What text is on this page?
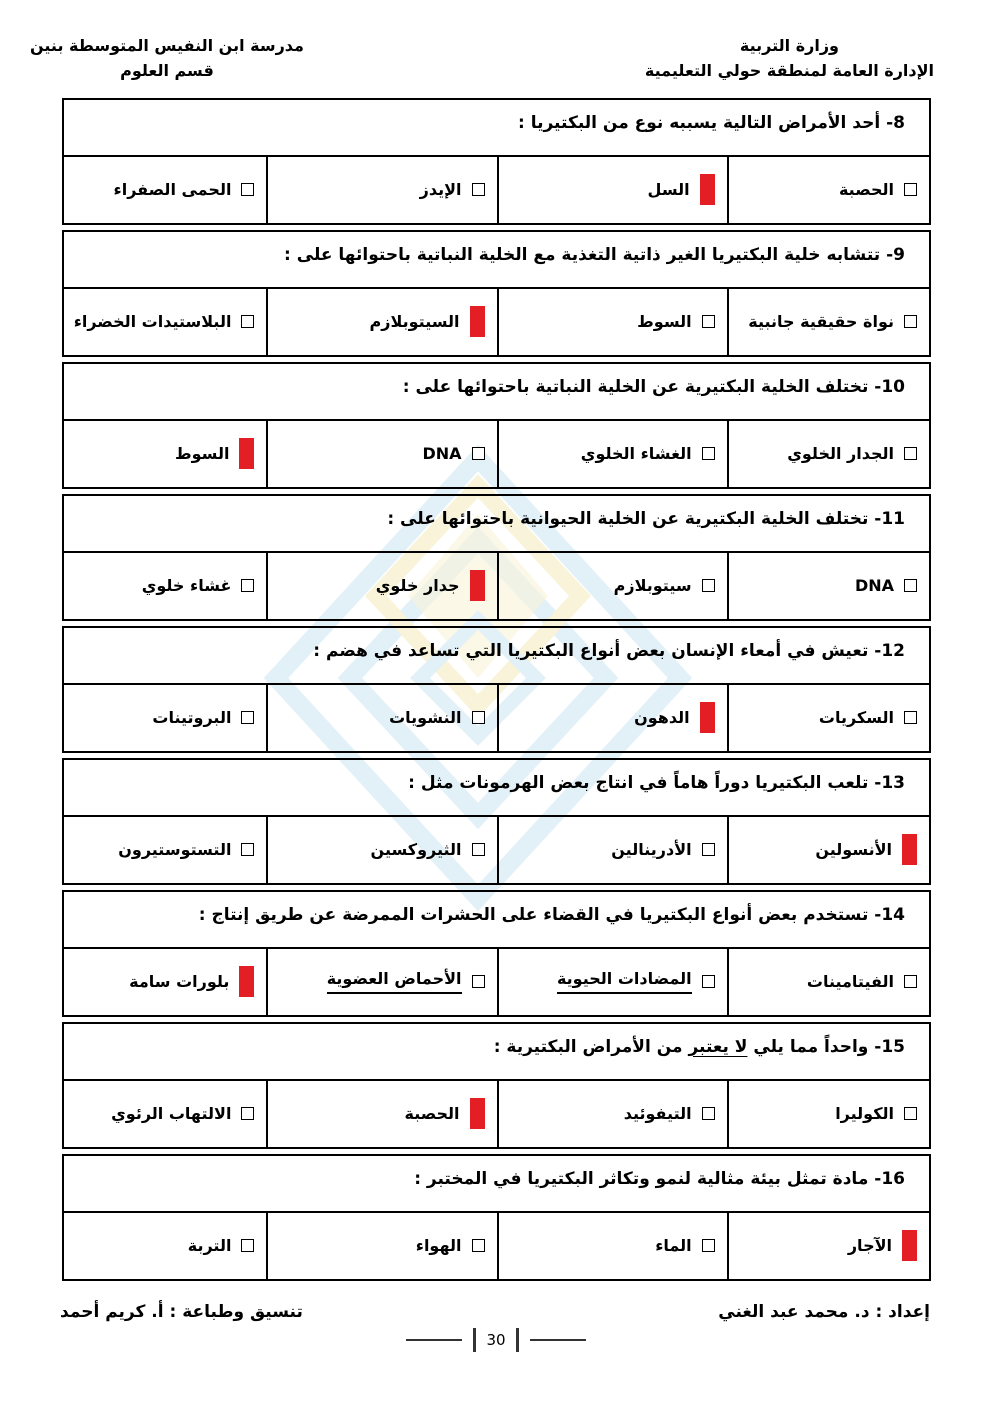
وزارة التربية
الإدارة العامة لمنطقة حولي التعليمية
مدرسة ابن النفيس المتوسطة بنين
قسم العلوم
8- أحد الأمراض التالية يسببه نوع من البكتيريا :
الحصبة
السل
الإيدز
الحمى الصفراء
9- تتشابه خلية البكتيريا الغير ذاتية التغذية مع الخلية النباتية باحتوائها على :
نواة حقيقية جانبية
السوط
السيتوبلازم
البلاستيدات الخضراء
10- تختلف الخلية البكتيرية عن الخلية النباتية باحتوائها على :
الجدار الخلوي
الغشاء الخلوي
DNA
السوط
11- تختلف الخلية البكتيرية عن الخلية الحيوانية باحتوائها على :
DNA
سيتوبلازم
جدار خلوي
غشاء خلوي
12- تعيش في أمعاء الإنسان بعض أنواع البكتيريا التي تساعد في هضم :
السكريات
الدهون
النشويات
البروتينات
13- تلعب البكتيريا دوراً هاماً في انتاج بعض الهرمونات مثل :
الأنسولين
الأدرينالين
الثيروكسين
التستوستيرون
14- تستخدم بعض أنواع البكتيريا في القضاء على الحشرات الممرضة عن طريق إنتاج :
الفيتامينات
المضادات الحيوية
الأحماض العضوية
بلورات سامة
15- واحداً مما يلي لا يعتبر من الأمراض البكتيرية :
الكوليرا
التيفوئيد
الحصبة
الالتهاب الرئوي
16- مادة تمثل بيئة مثالية لنمو وتكاثر البكتيريا في المختبر :
الآجار
الماء
الهواء
التربة
إعداد : د. محمد عبد الغني
تنسيق وطباعة : أ. كريم أحمد
30
